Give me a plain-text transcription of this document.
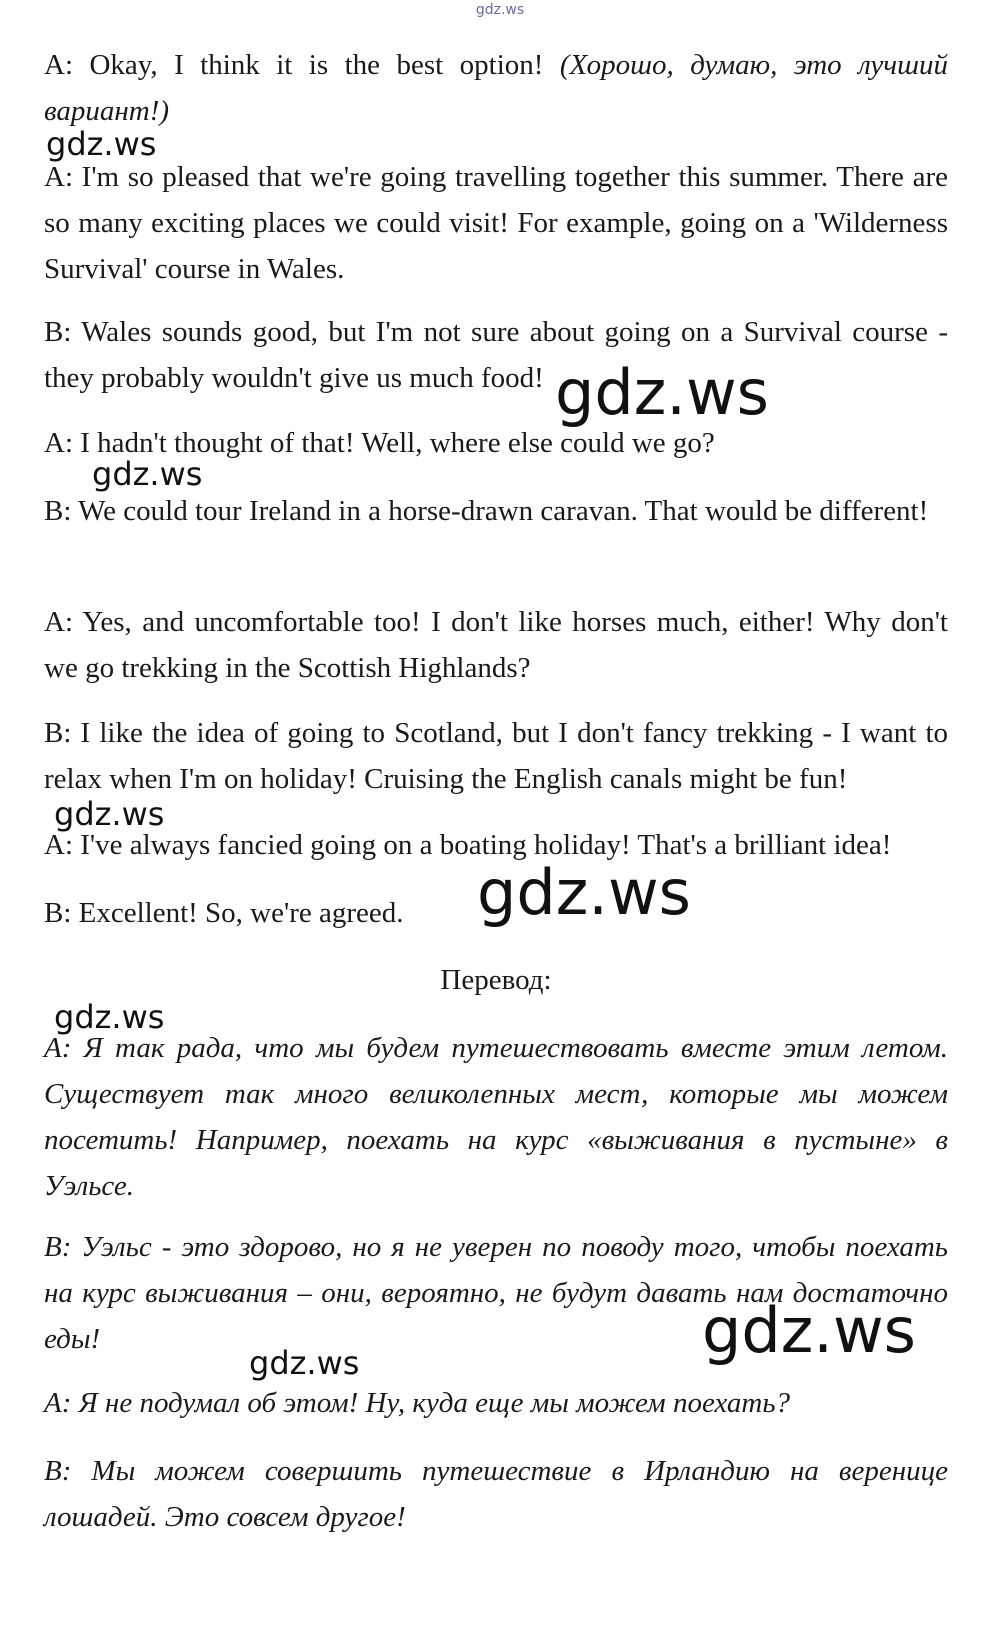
gdz.ws

A: Okay, I think it is the best option! (Хорошо, думаю, это лучший вариант!)

A: I'm so pleased that we're going travelling together this summer. There are so many exciting places we could visit! For example, going on a 'Wilderness Survival' course in Wales.

B: Wales sounds good, but I'm not sure about going on a Survival course - they probably wouldn't give us much food!

A: I hadn't thought of that! Well, where else could we go?

B: We could tour Ireland in a horse-drawn caravan. That would be different!

A: Yes, and uncomfortable too! I don't like horses much, either! Why don't we go trekking in the Scottish Highlands?

B: I like the idea of going to Scotland, but I don't fancy trekking - I want to relax when I'm on holiday! Cruising the English canals might be fun!

A: I've always fancied going on a boating holiday! That's a brilliant idea!

B: Excellent! So, we're agreed.

Перевод:

A: Я так рада, что мы будем путешествовать вместе этим летом. Существует так много великолепных мест, которые мы можем посетить! Например, поехать на курс «выживания в пустыне» в Уэльсе.

B: Уэльс - это здорово, но я не уверен по поводу того, чтобы поехать на курс выживания – они, вероятно, не будут давать нам достаточно еды!

A: Я не подумал об этом! Ну, куда еще мы можем поехать?

B: Мы можем совершить путешествие в Ирландию на вереницe лошадей. Это совсем другое!

gdz.ws
gdz.ws
gdz.ws
gdz.ws
gdz.ws
gdz.ws
gdz.ws
gdz.ws
